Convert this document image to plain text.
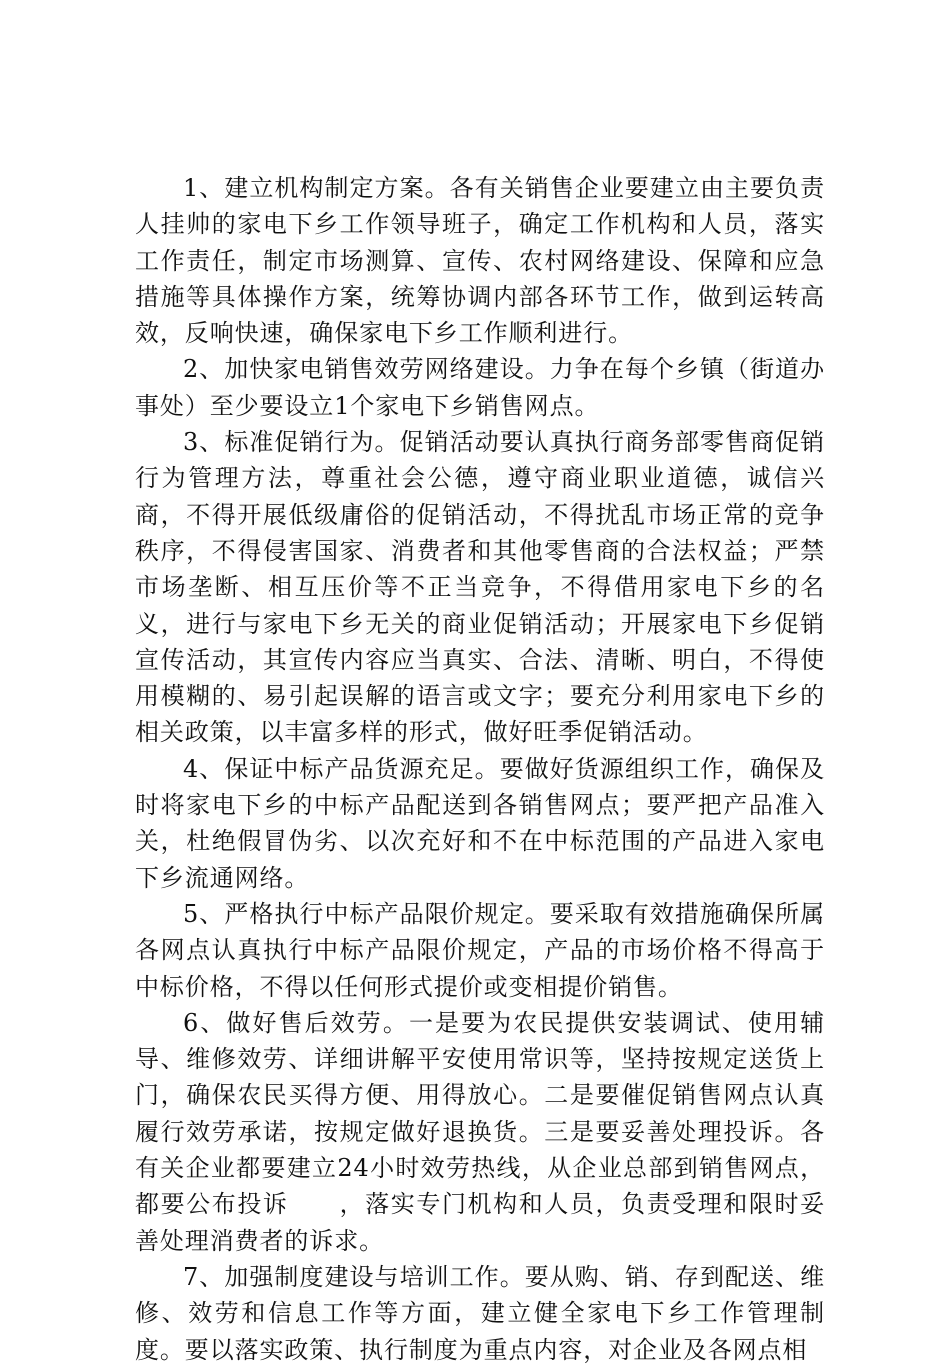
1、建立机构制定方案。各有关销售企业要建立由主要负责人挂帅的家电下乡工作领导班子，确定工作机构和人员，落实工作责任，制定市场测算、宣传、农村网络建设、保障和应急措施等具体操作方案，统筹协调内部各环节工作，做到运转高效，反响快速，确保家电下乡工作顺利进行。

2、加快家电销售效劳网络建设。力争在每个乡镇（街道办事处）至少要设立1个家电下乡销售网点。

3、标准促销行为。促销活动要认真执行商务部零售商促销行为管理方法，尊重社会公德，遵守商业职业道德，诚信兴商，不得开展低级庸俗的促销活动，不得扰乱市场正常的竞争秩序，不得侵害国家、消费者和其他零售商的合法权益；严禁市场垄断、相互压价等不正当竞争，不得借用家电下乡的名义，进行与家电下乡无关的商业促销活动；开展家电下乡促销宣传活动，其宣传内容应当真实、合法、清晰、明白，不得使用模糊的、易引起误解的语言或文字；要充分利用家电下乡的相关政策，以丰富多样的形式，做好旺季促销活动。

4、保证中标产品货源充足。要做好货源组织工作，确保及时将家电下乡的中标产品配送到各销售网点；要严把产品准入关，杜绝假冒伪劣、以次充好和不在中标范围的产品进入家电下乡流通网络。

5、严格执行中标产品限价规定。要采取有效措施确保所属各网点认真执行中标产品限价规定，产品的市场价格不得高于中标价格，不得以任何形式提价或变相提价销售。

6、做好售后效劳。一是要为农民提供安装调试、使用辅导、维修效劳、详细讲解平安使用常识等，坚持按规定送货上门，确保农民买得方便、用得放心。二是要催促销售网点认真履行效劳承诺，按规定做好退换货。三是要妥善处理投诉。各有关企业都要建立24小时效劳热线，从企业总部到销售网点，都要公布投诉　　，落实专门机构和人员，负责受理和限时妥善处理消费者的诉求。

7、加强制度建设与培训工作。要从购、销、存到配送、维修、效劳和信息工作等方面，建立健全家电下乡工作管理制度。要以落实政策、执行制度为重点内容，对企业及各网点相
